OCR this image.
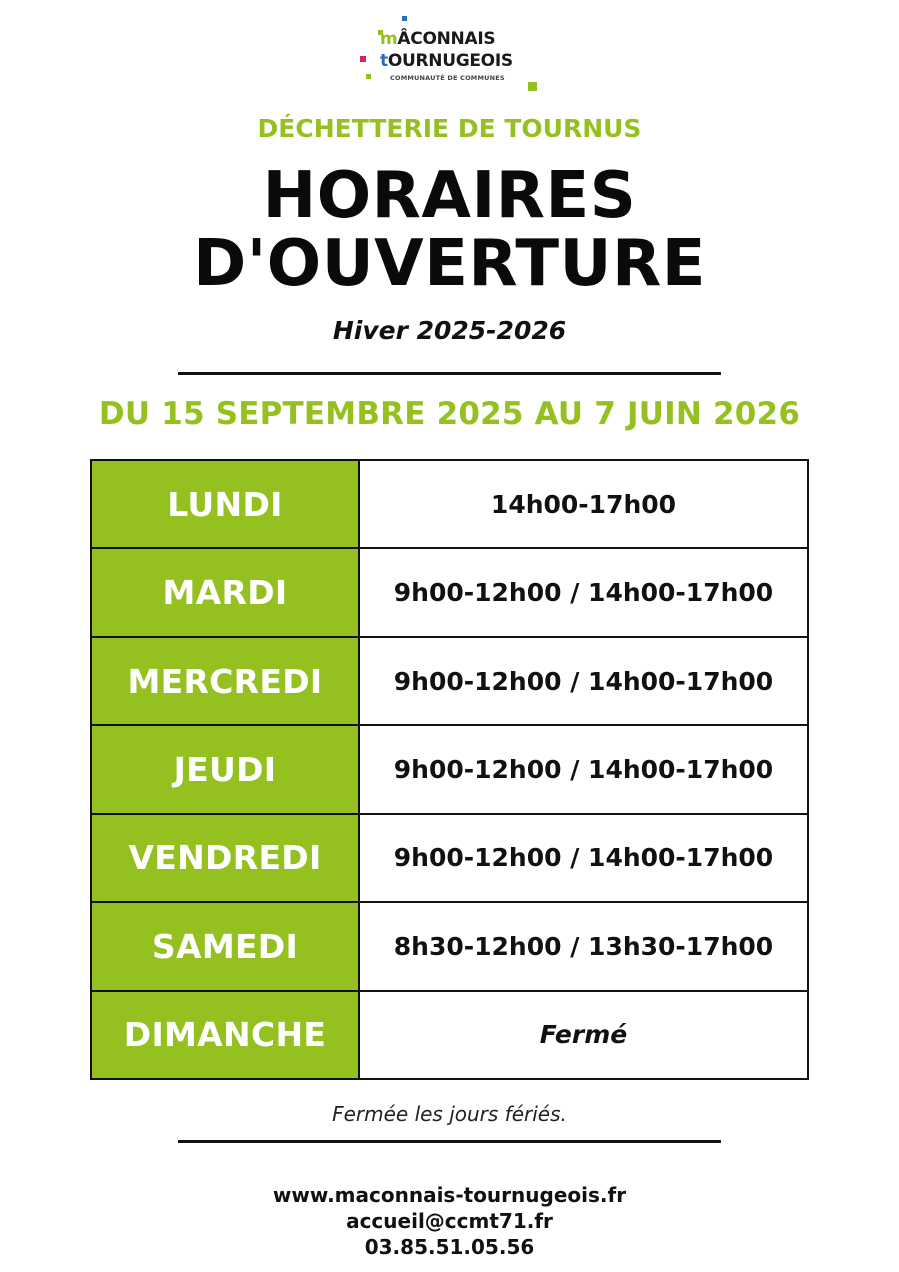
mÂCONNAIS
tOURNUGEOIS
COMMUNAUTÉ DE COMMUNES
DÉCHETTERIE DE TOURNUS
HORAIRES
D'OUVERTURE
Hiver 2025-2026
DU 15 SEPTEMBRE 2025 AU 7 JUIN 2026
LUNDI	14h00-17h00
MARDI	9h00-12h00 / 14h00-17h00
MERCREDI	9h00-12h00 / 14h00-17h00
JEUDI	9h00-12h00 / 14h00-17h00
VENDREDI	9h00-12h00 / 14h00-17h00
SAMEDI	8h30-12h00 / 13h30-17h00
DIMANCHE	Fermé
Fermée les jours fériés.
www.maconnais-tournugeois.fr
accueil@ccmt71.fr
03.85.51.05.56
